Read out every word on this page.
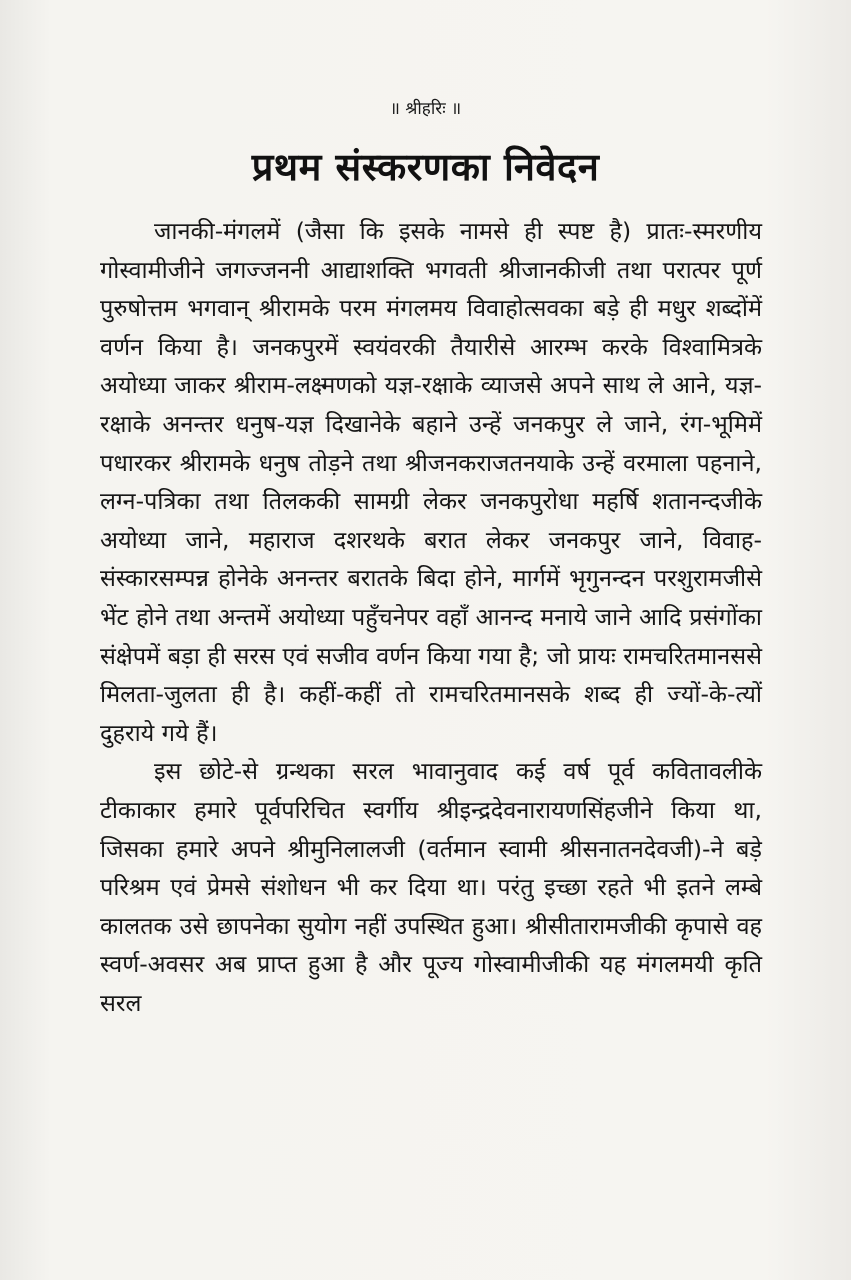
॥ श्रीहरिः ॥
प्रथम संस्करणका निवेदन

जानकी-मंगलमें (जैसा कि इसके नामसे ही स्पष्ट है) प्रातः-स्मरणीय गोस्वामीजीने जगज्जननी आद्याशक्ति भगवती श्रीजानकीजी तथा परात्पर पूर्ण पुरुषोत्तम भगवान् श्रीरामके परम मंगलमय विवाहोत्सवका बड़े ही मधुर शब्दोंमें वर्णन किया है। जनकपुरमें स्वयंवरकी तैयारीसे आरम्भ करके विश्वामित्रके अयोध्या जाकर श्रीराम-लक्ष्मणको यज्ञ-रक्षाके व्याजसे अपने साथ ले आने, यज्ञ-रक्षाके अनन्तर धनुष-यज्ञ दिखानेके बहाने उन्हें जनकपुर ले जाने, रंग-भूमिमें पधारकर श्रीरामके धनुष तोड़ने तथा श्रीजनकराजतनयाके उन्हें वरमाला पहनाने, लग्न-पत्रिका तथा तिलककी सामग्री लेकर जनकपुरोधा महर्षि शतानन्दजीके अयोध्या जाने, महाराज दशरथके बरात लेकर जनकपुर जाने, विवाह-संस्कारसम्पन्न होनेके अनन्तर बरातके बिदा होने, मार्गमें भृगुनन्दन परशुरामजीसे भेंट होने तथा अन्तमें अयोध्या पहुँचनेपर वहाँ आनन्द मनाये जाने आदि प्रसंगोंका संक्षेपमें बड़ा ही सरस एवं सजीव वर्णन किया गया है; जो प्रायः रामचरितमानससे मिलता-जुलता ही है। कहीं-कहीं तो रामचरितमानसके शब्द ही ज्यों-के-त्यों दुहराये गये हैं।

इस छोटे-से ग्रन्थका सरल भावानुवाद कई वर्ष पूर्व कवितावलीके टीकाकार हमारे पूर्वपरिचित स्वर्गीय श्रीइन्द्रदेवनारायणसिंहजीने किया था, जिसका हमारे अपने श्रीमुनिलालजी (वर्तमान स्वामी श्रीसनातनदेवजी)-ने बड़े परिश्रम एवं प्रेमसे संशोधन भी कर दिया था। परंतु इच्छा रहते भी इतने लम्बे कालतक उसे छापनेका सुयोग नहीं उपस्थित हुआ। श्रीसीतारामजीकी कृपासे वह स्वर्ण-अवसर अब प्राप्त हुआ है और पूज्य गोस्वामीजीकी यह मंगलमयी कृति सरल
